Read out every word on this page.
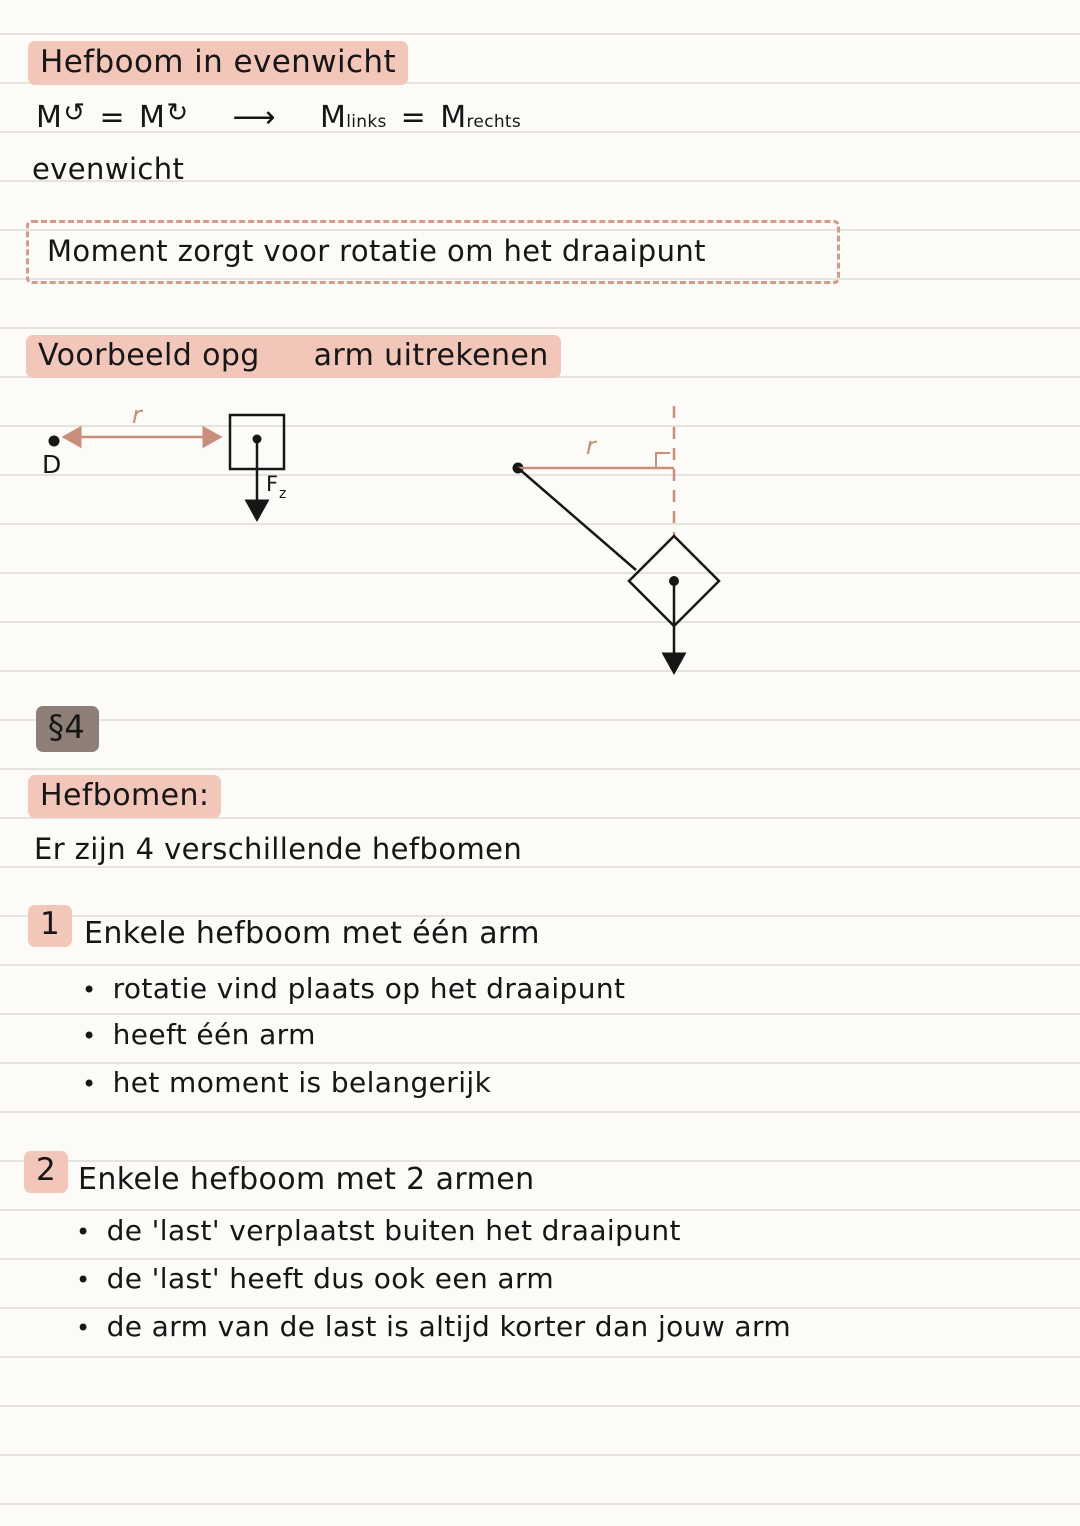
Hefboom in evenwicht
M ↺ = M ↻ ⟶ M links = M rechts
evenwicht
Moment zorgt voor rotatie om het draaipunt
Voorbeeld opg arm uitrekenen
D
r
F z
r
§4
Hefbomen:
Er zijn 4 verschillende hefbomen
1 Enkele hefboom met één arm
•
rotatie vind plaats op het draaipunt
•
heeft één arm
•
het moment is belangerijk
2 Enkele hefboom met 2 armen
•
de 'last' verplaatst buiten het draaipunt
•
de 'last' heeft dus ook een arm
•
de arm van de last is altijd korter dan jouw arm
